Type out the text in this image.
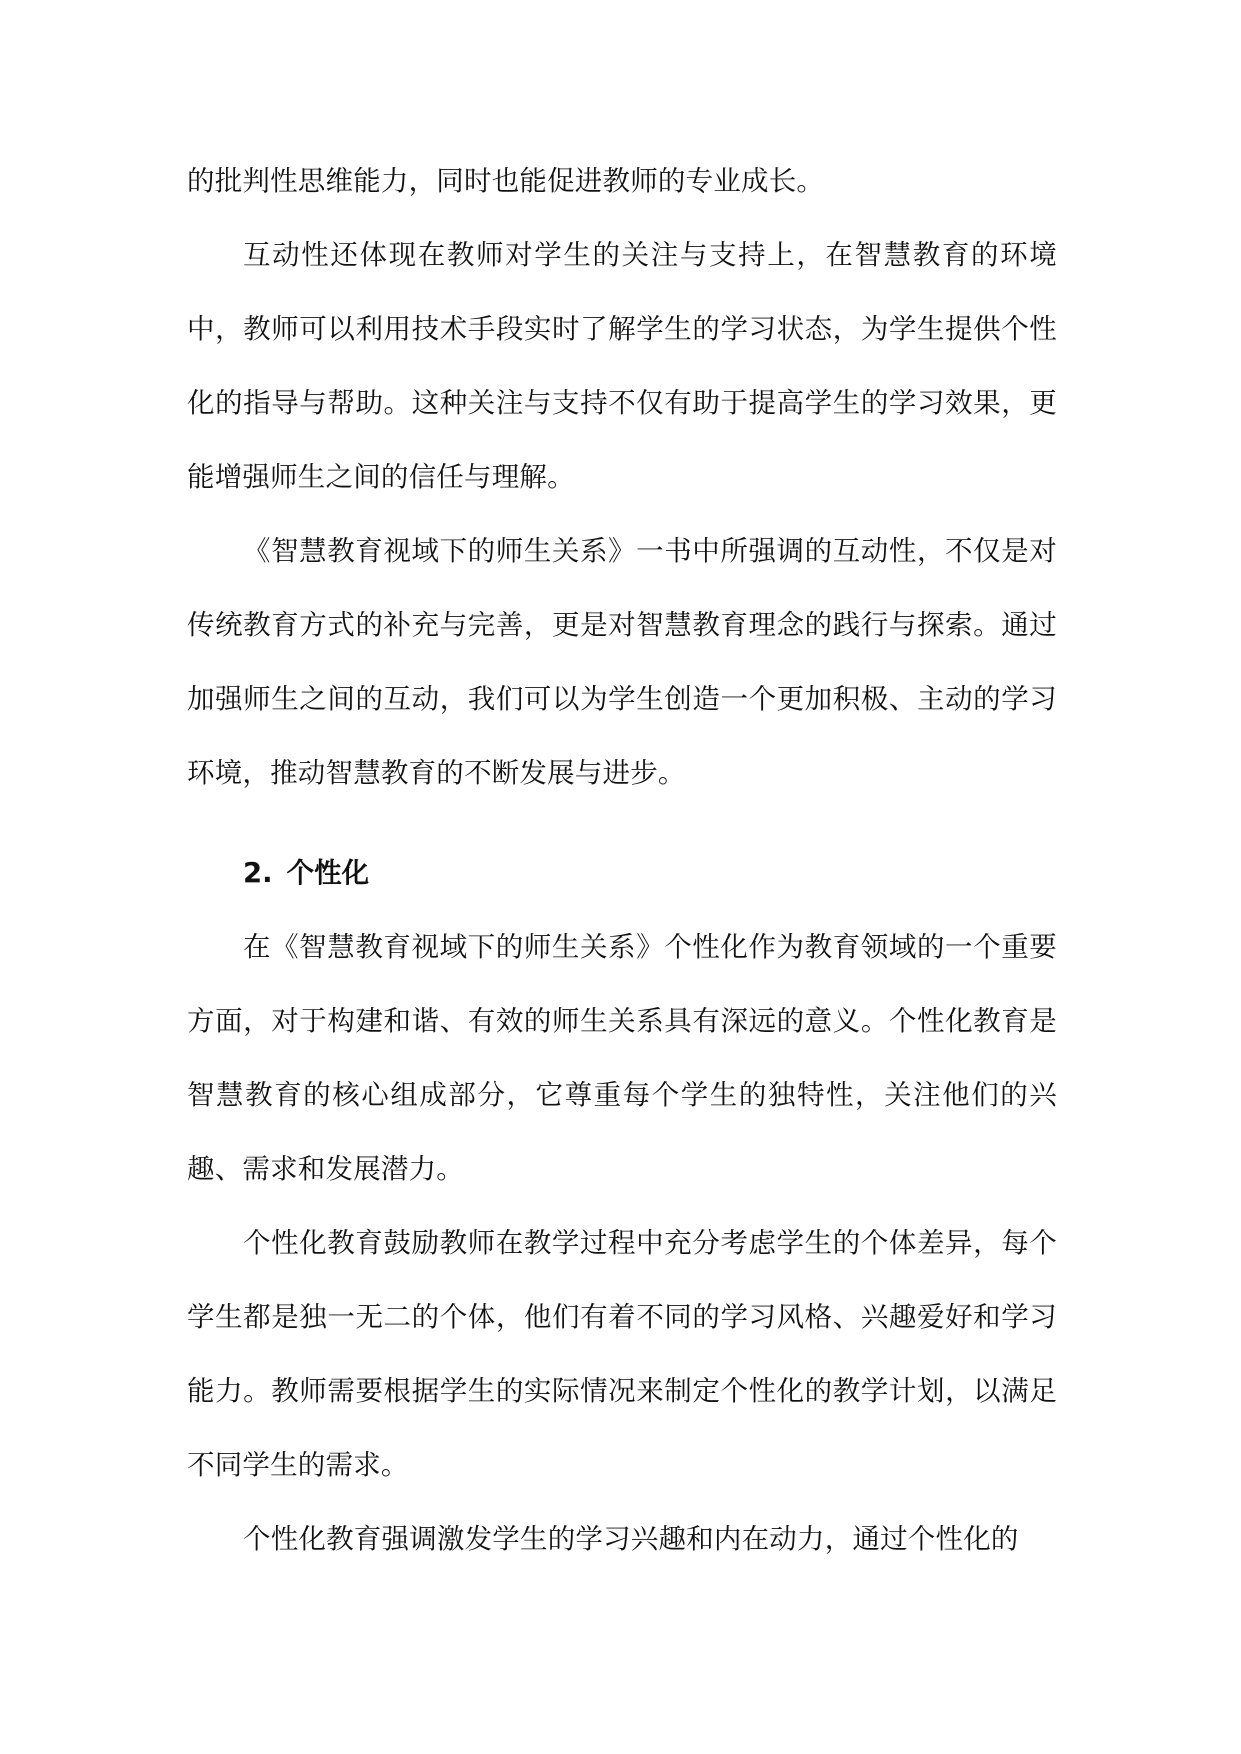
的批判性思维能力，同时也能促进教师的专业成长。

互动性还体现在教师对学生的关注与支持上，在智慧教育的环境中，教师可以利用技术手段实时了解学生的学习状态，为学生提供个性化的指导与帮助。这种关注与支持不仅有助于提高学生的学习效果，更能增强师生之间的信任与理解。

《智慧教育视域下的师生关系》一书中所强调的互动性，不仅是对传统教育方式的补充与完善，更是对智慧教育理念的践行与探索。通过加强师生之间的互动，我们可以为学生创造一个更加积极、主动的学习环境，推动智慧教育的不断发展与进步。

2. 个性化

在《智慧教育视域下的师生关系》个性化作为教育领域的一个重要方面，对于构建和谐、有效的师生关系具有深远的意义。个性化教育是智慧教育的核心组成部分，它尊重每个学生的独特性，关注他们的兴趣、需求和发展潜力。

个性化教育鼓励教师在教学过程中充分考虑学生的个体差异，每个学生都是独一无二的个体，他们有着不同的学习风格、兴趣爱好和学习能力。教师需要根据学生的实际情况来制定个性化的教学计划，以满足不同学生的需求。

个性化教育强调激发学生的学习兴趣和内在动力，通过个性化的
